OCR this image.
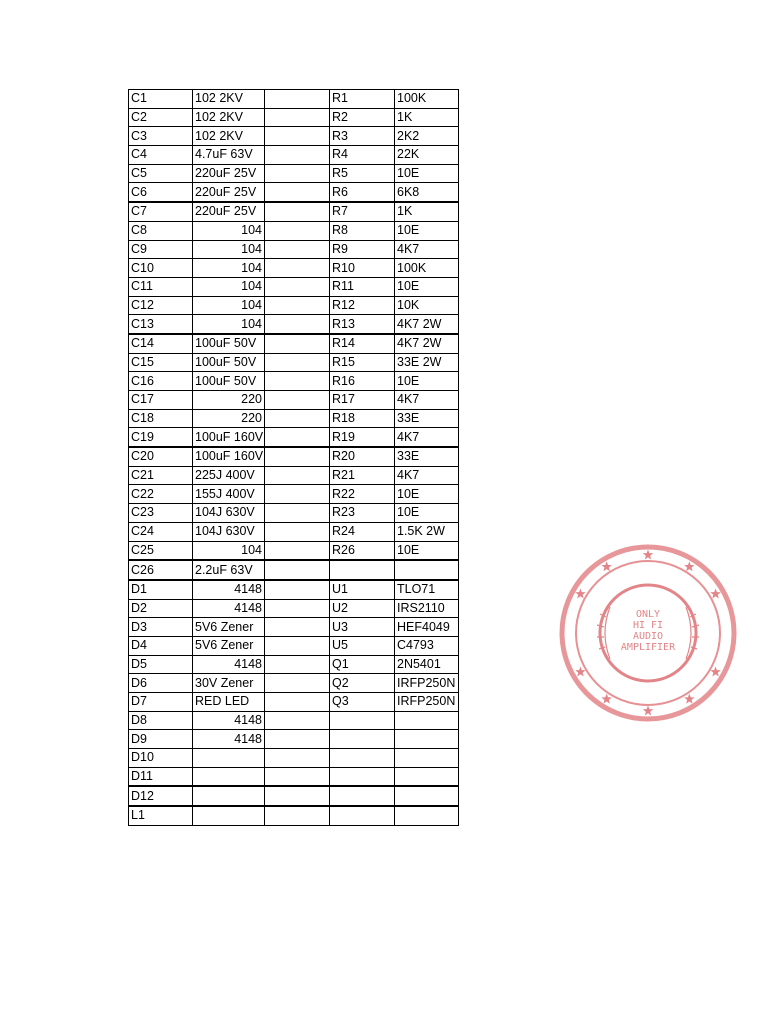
C1	102 2KV		R1	100K
C2	102 2KV		R2	1K
C3	102 2KV		R3	2K2
C4	4.7uF 63V		R4	22K
C5	220uF 25V		R5	10E
C6	220uF 25V		R6	6K8
C7	220uF 25V		R7	1K
C8	104		R8	10E
C9	104		R9	4K7
C10	104		R10	100K
C11	104		R11	10E
C12	104		R12	10K
C13	104		R13	4K7 2W
C14	100uF 50V		R14	4K7 2W
C15	100uF 50V		R15	33E 2W
C16	100uF 50V		R16	10E
C17	220		R17	4K7
C18	220		R18	33E
C19	100uF 160V		R19	4K7
C20	100uF 160V		R20	33E
C21	225J 400V		R21	4K7
C22	155J 400V		R22	10E
C23	104J 630V		R23	10E
C24	104J 630V		R24	1.5K 2W
C25	104		R26	10E
C26	2.2uF 63V			
D1	4148		U1	TLO71
D2	4148		U2	IRS2110
D3	5V6 Zener		U3	HEF4049
D4	5V6 Zener		U5	C4793
D5	4148		Q1	2N5401
D6	30V Zener		Q2	IRFP250N
D7	RED LED		Q3	IRFP250N
D8	4148			
D9	4148			
D10				
D11				
D12				
L1				
ONLY
HI FI
AUDIO
AMPLIFIER
